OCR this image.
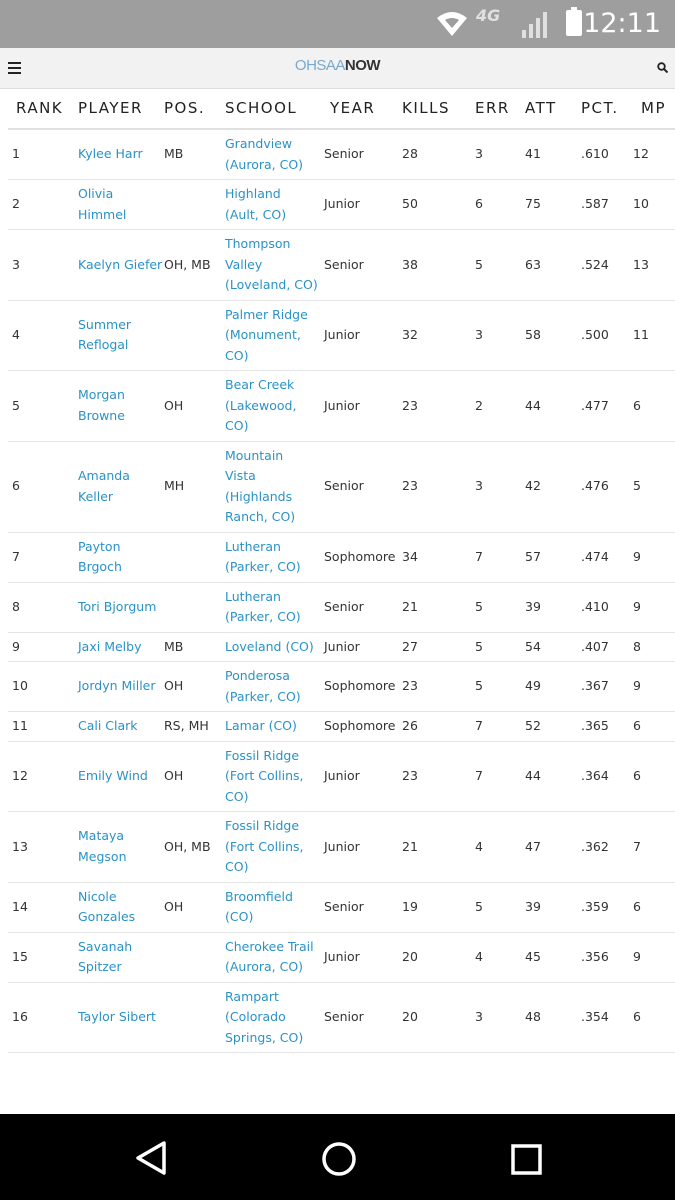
4G	12:11
OHSAANOW
RANK	PLAYER	POS.	SCHOOL	YEAR	KILLS	ERR	ATT	PCT.	MP
1	Kylee Harr	MB	Grandview (Aurora, CO)	Senior	28	3	41	.610	12
2	Olivia Himmel		Highland (Ault, CO)	Junior	50	6	75	.587	10
3	Kaelyn Giefer	OH, MB	Thompson Valley (Loveland, CO)	Senior	38	5	63	.524	13
4	Summer Reflogal		Palmer Ridge (Monument, CO)	Junior	32	3	58	.500	11
5	Morgan Browne	OH	Bear Creek (Lakewood, CO)	Junior	23	2	44	.477	6
6	Amanda Keller	MH	Mountain Vista (Highlands Ranch, CO)	Senior	23	3	42	.476	5
7	Payton Brgoch		Lutheran (Parker, CO)	Sophomore	34	7	57	.474	9
8	Tori Bjorgum		Lutheran (Parker, CO)	Senior	21	5	39	.410	9
9	Jaxi Melby	MB	Loveland (CO)	Junior	27	5	54	.407	8
10	Jordyn Miller	OH	Ponderosa (Parker, CO)	Sophomore	23	5	49	.367	9
11	Cali Clark	RS, MH	Lamar (CO)	Sophomore	26	7	52	.365	6
12	Emily Wind	OH	Fossil Ridge (Fort Collins, CO)	Junior	23	7	44	.364	6
13	Mataya Megson	OH, MB	Fossil Ridge (Fort Collins, CO)	Junior	21	4	47	.362	7
14	Nicole Gonzales	OH	Broomfield (CO)	Senior	19	5	39	.359	6
15	Savanah Spitzer		Cherokee Trail (Aurora, CO)	Junior	20	4	45	.356	9
16	Taylor Sibert		Rampart (Colorado Springs, CO)	Senior	20	3	48	.354	6
